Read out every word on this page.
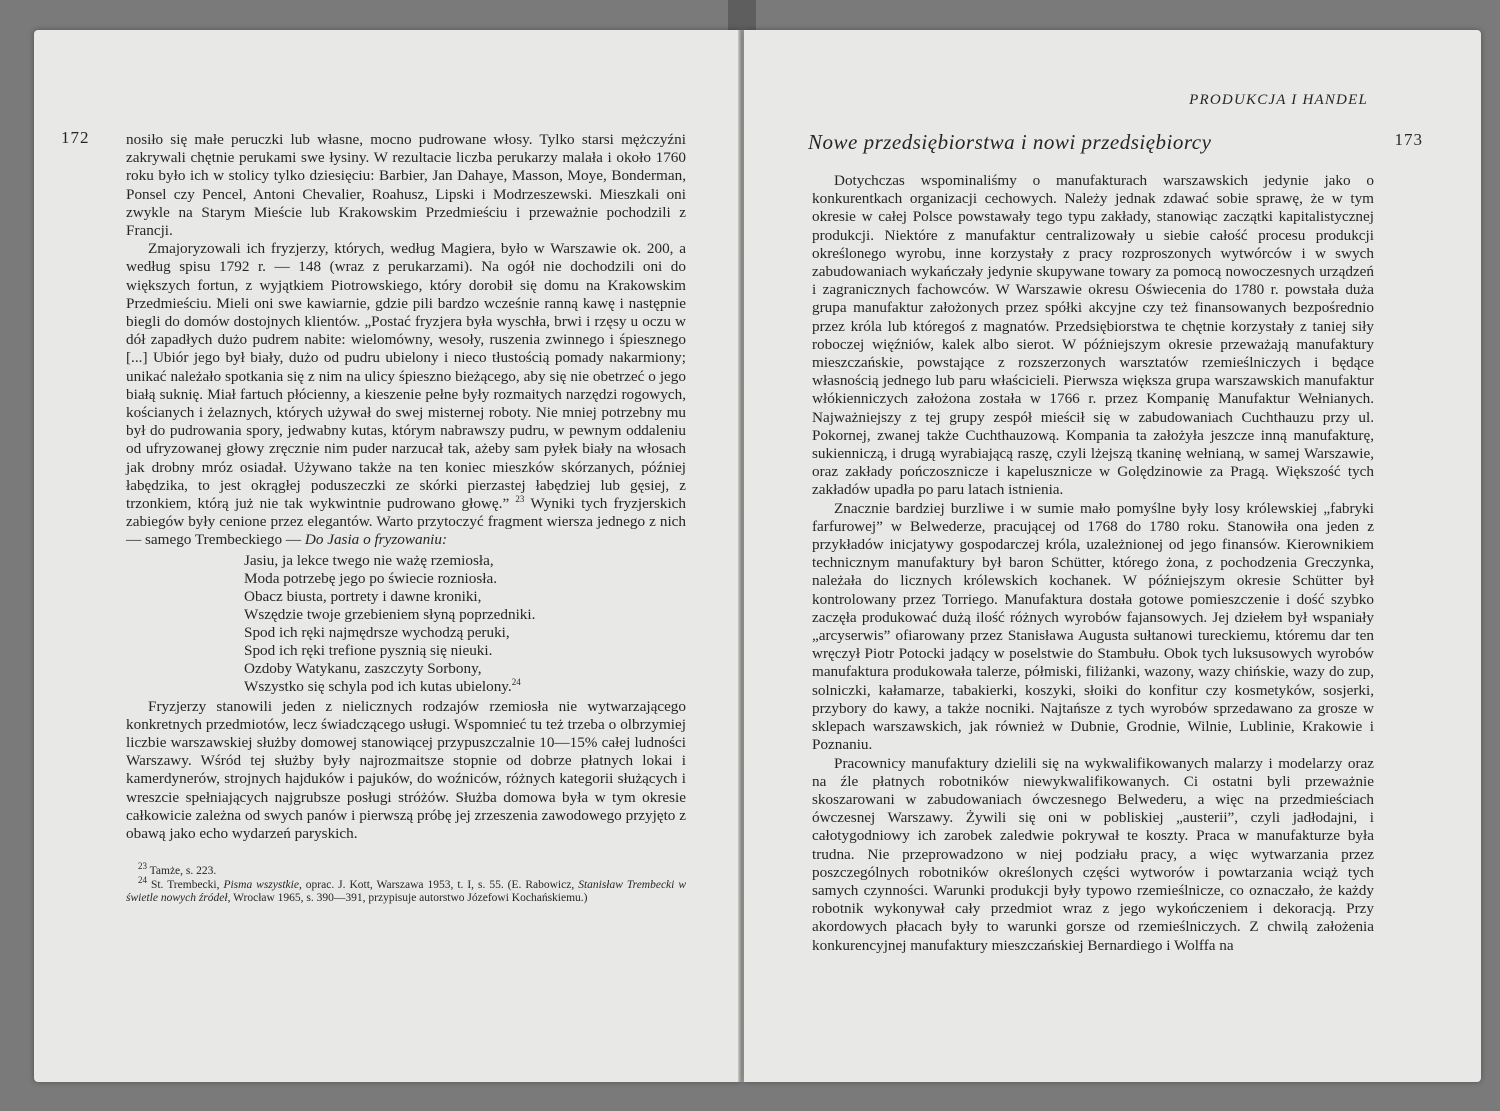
172 nosiło się małe peruczki lub własne, mocno pudrowane włosy. Tylko starsi mężczyźni zakrywali chętnie perukami swe łysiny. W rezultacie liczba perukarzy malała i około 1760 roku było ich w stolicy tylko dziesięciu: Barbier, Jan Dahaye, Masson, Moye, Bonderman, Ponsel czy Pencel, Antoni Chevalier, Roahusz, Lipski i Modrzeszewski. Mieszkali oni zwykle na Starym Mieście lub Krakowskim Przedmieściu i przeważnie pochodzili z Francji.

Zmajoryzowali ich fryzjerzy, których, według Magiera, było w Warszawie ok. 200, a według spisu 1792 r. — 148 (wraz z perukarzami). Na ogół nie dochodzili oni do większych fortun, z wyjątkiem Piotrowskiego, który dorobił się domu na Krakowskim Przedmieściu. Mieli oni swe kawiarnie, gdzie pili bardzo wcześnie ranną kawę i następnie biegli do domów dostojnych klientów. „Postać fryzjera była wyschła, brwi i rzęsy u oczu w dół zapadłych dużo pudrem nabite: wielomówny, wesoły, ruszenia zwinnego i śpiesznego [...] Ubiór jego był biały, dużo od pudru ubielony i nieco tłustością pomady nakarmiony; unikać należało spotkania się z nim na ulicy śpieszno bieżącego, aby się nie obetrzeć o jego białą suknię. Miał fartuch płócienny, a kieszenie pełne były rozmaitych narzędzi rogowych, kościanych i żelaznych, których używał do swej misternej roboty. Nie mniej potrzebny mu był do pudrowania spory, jedwabny kutas, którym nabrawszy pudru, w pewnym oddaleniu od ufryzowanej głowy zręcznie nim puder narzucał tak, ażeby sam pyłek biały na włosach jak drobny mróz osiadał. Używano także na ten koniec mieszków skórzanych, później łabędzika, to jest okrągłej poduszeczki ze skórki pierzastej łabędziej lub gęsiej, z trzonkiem, którą już nie tak wykwintnie pudrowano głowę.” $^{23}$ Wyniki tych fryzjerskich zabiegów były cenione przez elegantów. Warto przytoczyć fragment wiersza jednego z nich — samego Trembeckiego — Do Jasia o fryzowaniu:

Jasiu, ja lekce twego nie ważę rzemiosła,
Moda potrzebę jego po świecie rozniosła.
Obacz biusta, portrety i dawne kroniki,
Wszędzie twoje grzebieniem słyną poprzedniki.
Spod ich ręki najmędrsze wychodzą peruki,
Spod ich ręki trefione pysznią się nieuki.
Ozdoby Watykanu, zaszczyty Sorbony,
Wszystko się schyla pod ich kutas ubielony.$^{24}$

Fryzjerzy stanowili jeden z nielicznych rodzajów rzemiosła nie wytwarzającego konkretnych przedmiotów, lecz świadczącego usługi. Wspomnieć tu też trzeba o olbrzymiej liczbie warszawskiej służby domowej stanowiącej przypuszczalnie 10—15% całej ludności Warszawy. Wśród tej służby były najrozmaitsze stopnie od dobrze płatnych lokai i kamerdynerów, strojnych hajduków i pajuków, do woźniców, różnych kategorii służących i wreszcie spełniających najgrubsze posługi stróżów. Służba domowa była w tym okresie całkowicie zależna od swych panów i pierwszą próbę jej zrzeszenia zawodowego przyjęto z obawą jako echo wydarzeń paryskich.

$^{23}$ Tamże, s. 223.
$^{24}$ St. Trembecki, Pisma wszystkie, oprac. J. Kott, Warszawa 1953, t. I, s. 55. (E. Rabowicz, Stanisław Trembecki w świetle nowych źródeł, Wrocław 1965, s. 390—391, przypisuje autorstwo Józefowi Kochańskiemu.)
PRODUKCJA I HANDEL
Nowe przedsiębiorstwa i nowi przedsiębiorcy	173

Dotychczas wspominaliśmy o manufakturach warszawskich jedynie jako o konkurentkach organizacji cechowych. Należy jednak zdawać sobie sprawę, że w tym okresie w całej Polsce powstawały tego typu zakłady, stanowiąc zaczątki kapitalistycznej produkcji. Niektóre z manufaktur centralizowały u siebie całość procesu produkcji określonego wyrobu, inne korzystały z pracy rozproszonych wytwórców i w swych zabudowaniach wykańczały jedynie skupywane towary za pomocą nowoczesnych urządzeń i zagranicznych fachowców. W Warszawie okresu Oświecenia do 1780 r. powstała duża grupa manufaktur założonych przez spółki akcyjne czy też finansowanych bezpośrednio przez króla lub któregoś z magnatów. Przedsiębiorstwa te chętnie korzystały z taniej siły roboczej więźniów, kalek albo sierot. W późniejszym okresie przeważają manufaktury mieszczańskie, powstające z rozszerzonych warsztatów rzemieślniczych i będące własnością jednego lub paru właścicieli. Pierwsza większa grupa warszawskich manufaktur włókienniczych założona została w 1766 r. przez Kompanię Manufaktur Wełnianych. Najważniejszy z tej grupy zespół mieścił się w zabudowaniach Cuchthauzu przy ul. Pokornej, zwanej także Cuchthauzową. Kompania ta założyła jeszcze inną manufakturę, sukienniczą, i drugą wyrabiającą raszę, czyli lżejszą tkaninę wełnianą, w samej Warszawie, oraz zakłady pończosznicze i kapelusznicze w Golędzinowie za Pragą. Większość tych zakładów upadła po paru latach istnienia.

Znacznie bardziej burzliwe i w sumie mało pomyślne były losy królewskiej „fabryki farfurowej” w Belwederze, pracującej od 1768 do 1780 roku. Stanowiła ona jeden z przykładów inicjatywy gospodarczej króla, uzależnionej od jego finansów. Kierownikiem technicznym manufaktury był baron Schütter, którego żona, z pochodzenia Greczynka, należała do licznych królewskich kochanek. W późniejszym okresie Schütter był kontrolowany przez Torriego. Manufaktura dostała gotowe pomieszczenie i dość szybko zaczęła produkować dużą ilość różnych wyrobów fajansowych. Jej dziełem był wspaniały „arcyserwis” ofiarowany przez Stanisława Augusta sułtanowi tureckiemu, któremu dar ten wręczył Piotr Potocki jadący w poselstwie do Stambułu. Obok tych luksusowych wyrobów manufaktura produkowała talerze, półmiski, filiżanki, wazony, wazy chińskie, wazy do zup, solniczki, kałamarze, tabakierki, koszyki, słoiki do konfitur czy kosmetyków, sosjerki, przybory do kawy, a także nocniki. Najtańsze z tych wyrobów sprzedawano za grosze w sklepach warszawskich, jak również w Dubnie, Grodnie, Wilnie, Lublinie, Krakowie i Poznaniu.

Pracownicy manufaktury dzielili się na wykwalifikowanych malarzy i modelarzy oraz na źle płatnych robotników niewykwalifikowanych. Ci ostatni byli przeważnie skoszarowani w zabudowaniach ówczesnego Belwederu, a więc na przedmieściach ówczesnej Warszawy. Żywili się oni w pobliskiej „austerii”, czyli jadłodajni, i całotygodniowy ich zarobek zaledwie pokrywał te koszty. Praca w manufakturze była trudna. Nie przeprowadzono w niej podziału pracy, a więc wytwarzania przez poszczególnych robotników określonych części wytworów i powtarzania wciąż tych samych czynności. Warunki produkcji były typowo rzemieślnicze, co oznaczało, że każdy robotnik wykonywał cały przedmiot wraz z jego wykończeniem i dekoracją. Przy akordowych płacach były to warunki gorsze od rzemieślniczych. Z chwilą założenia konkurencyjnej manufaktury mieszczańskiej Bernardiego i Wolffa na
